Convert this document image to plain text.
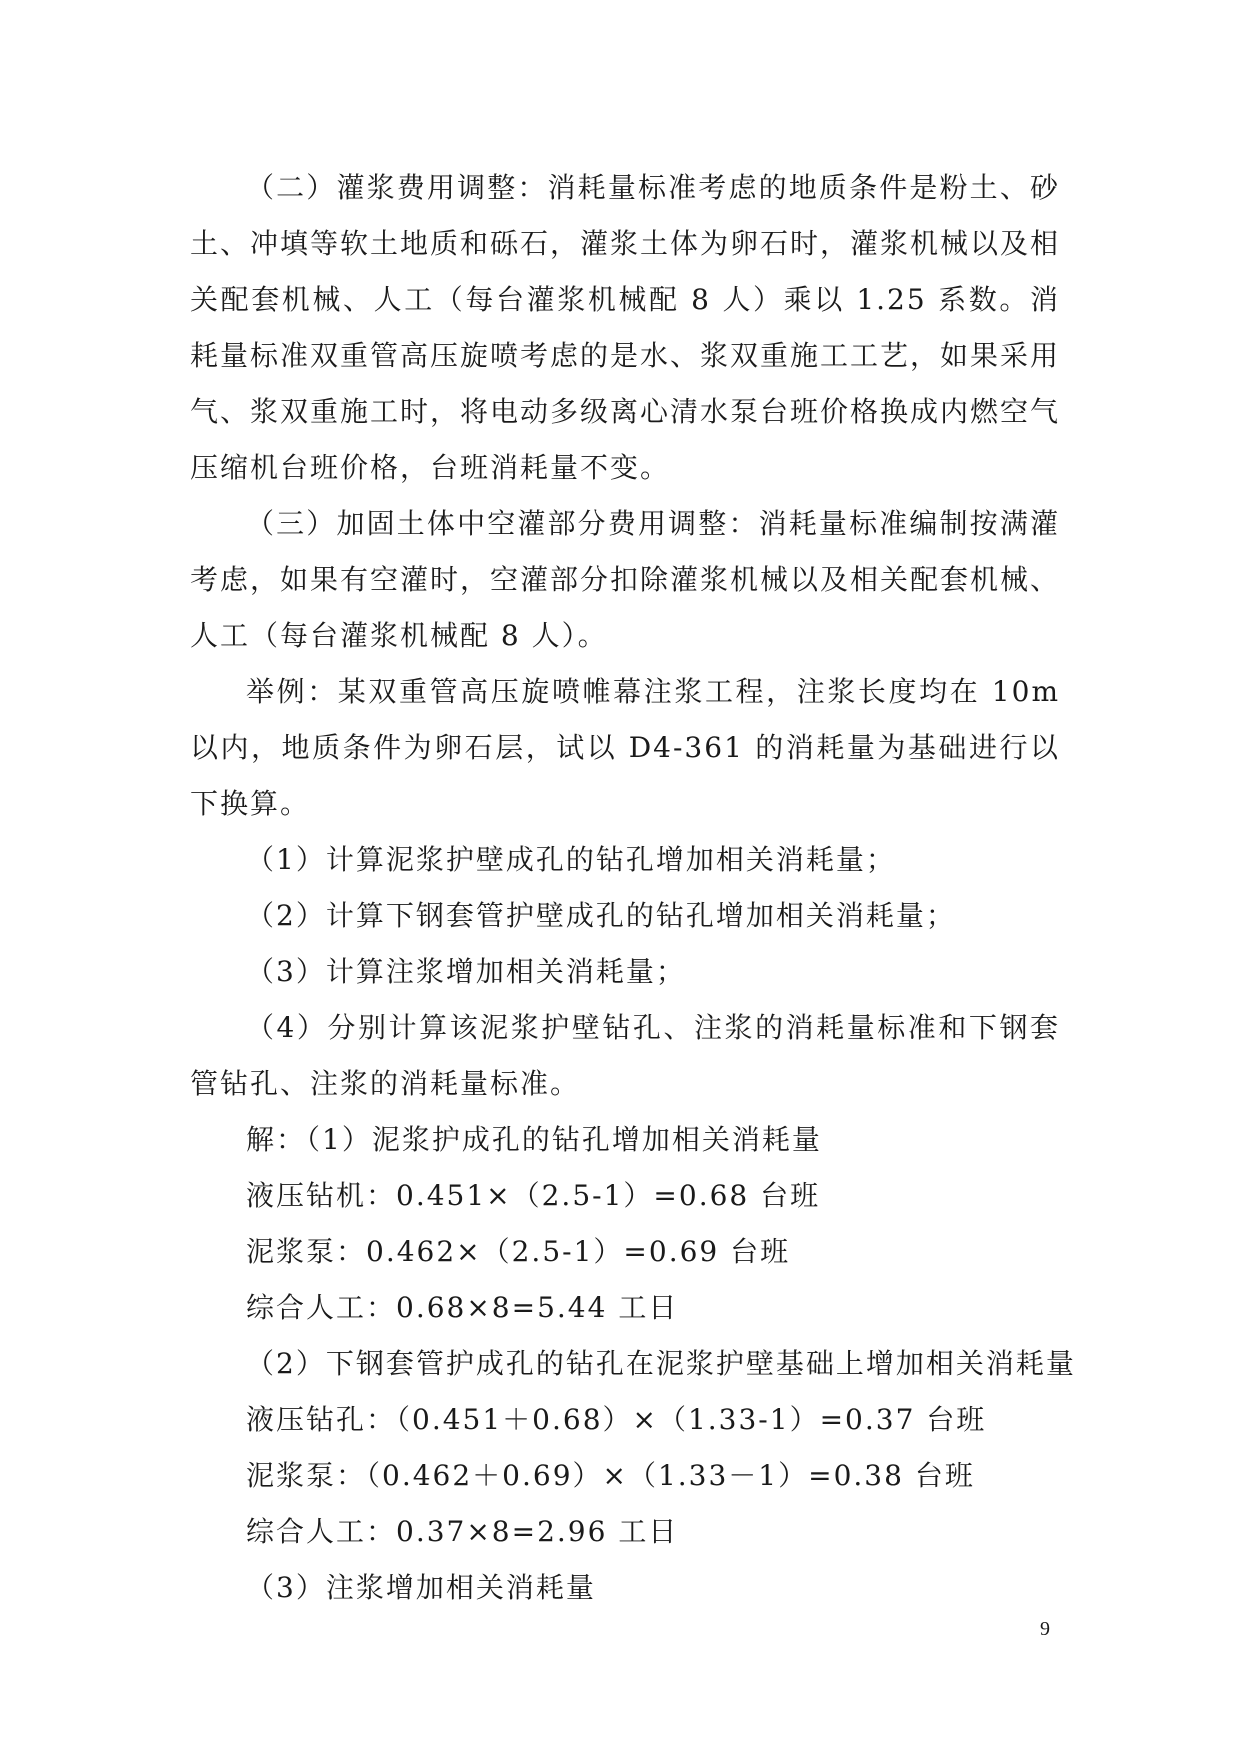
（二）灌浆费用调整：消耗量标准考虑的地质条件是粉土、砂土、冲填等软土地质和砾石，灌浆土体为卵石时，灌浆机械以及相关配套机械、人工（每台灌浆机械配 8 人）乘以 1.25 系数。消耗量标准双重管高压旋喷考虑的是水、浆双重施工工艺，如果采用气、浆双重施工时，将电动多级离心清水泵台班价格换成内燃空气压缩机台班价格，台班消耗量不变。

（三）加固土体中空灌部分费用调整：消耗量标准编制按满灌考虑，如果有空灌时，空灌部分扣除灌浆机械以及相关配套机械、人工（每台灌浆机械配 8 人）。

举例：某双重管高压旋喷帷幕注浆工程，注浆长度均在 10m 以内，地质条件为卵石层，试以 D4-361 的消耗量为基础进行以下换算。

（1）计算泥浆护壁成孔的钻孔增加相关消耗量；

（2）计算下钢套管护壁成孔的钻孔增加相关消耗量；

（3）计算注浆增加相关消耗量；

（4）分别计算该泥浆护壁钻孔、注浆的消耗量标准和下钢套管钻孔、注浆的消耗量标准。

解：（1）泥浆护成孔的钻孔增加相关消耗量

液压钻机：0.451×（2.5-1）=0.68 台班

泥浆泵：0.462×（2.5-1）=0.69 台班

综合人工：0.68×8=5.44 工日

（2）下钢套管护成孔的钻孔在泥浆护壁基础上增加相关消耗量

液压钻孔：（0.451＋0.68）×（1.33-1）=0.37 台班

泥浆泵：（0.462＋0.69）×（1.33－1）=0.38 台班

综合人工：0.37×8=2.96 工日

（3）注浆增加相关消耗量

9
